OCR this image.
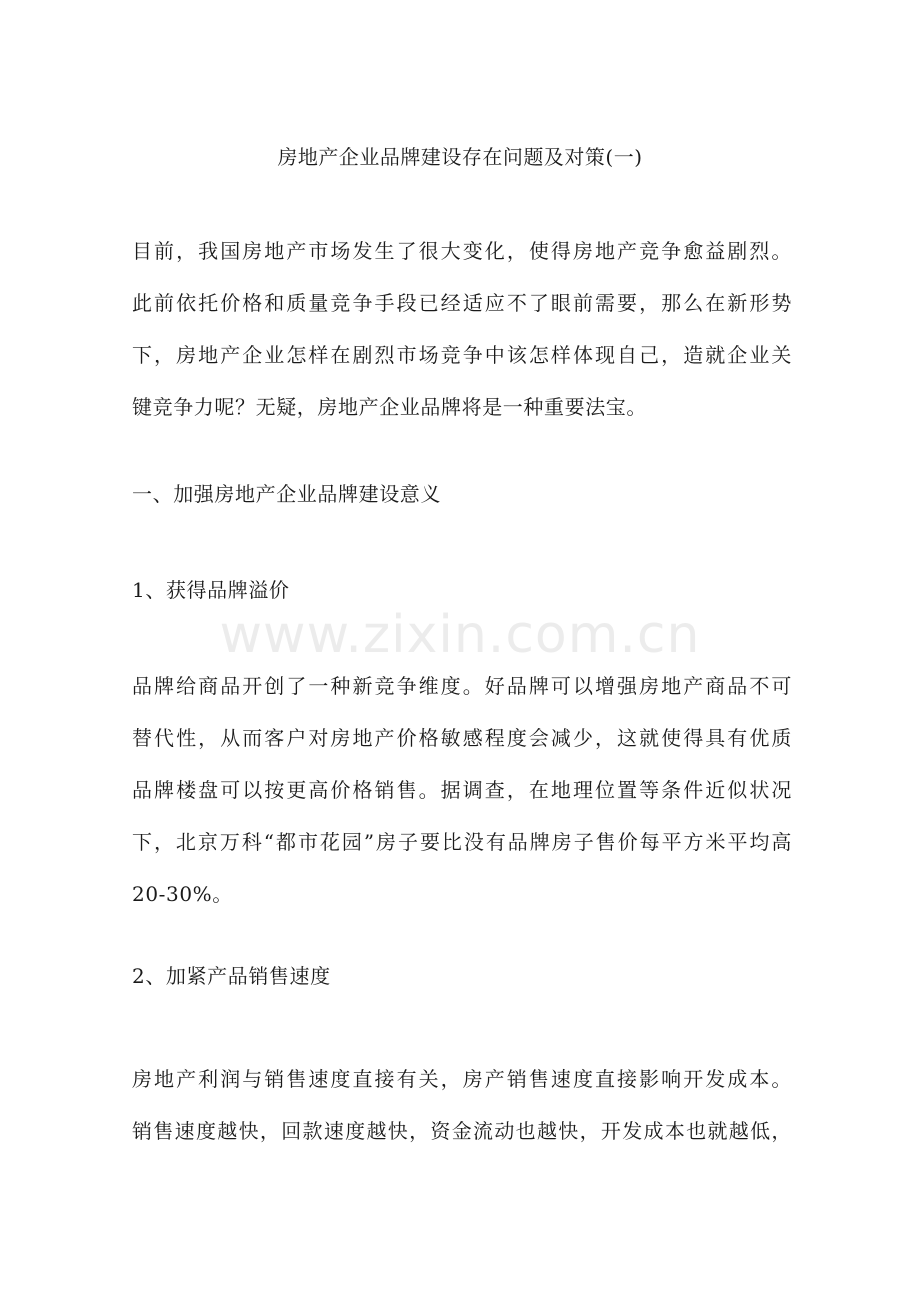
www.zixin.com.cn
房地产企业品牌建设存在问题及对策(一)
目前，我国房地产市场发生了很大变化，使得房地产竞争愈益剧烈。
此前依托价格和质量竞争手段已经适应不了眼前需要，那么在新形势
下，房地产企业怎样在剧烈市场竞争中该怎样体现自己，造就企业关
键竞争力呢？无疑，房地产企业品牌将是一种重要法宝。
一、加强房地产企业品牌建设意义
1、获得品牌溢价
品牌给商品开创了一种新竞争维度。好品牌可以增强房地产商品不可
替代性，从而客户对房地产价格敏感程度会减少，这就使得具有优质
品牌楼盘可以按更高价格销售。据调查，在地理位置等条件近似状况
下，北京万科“都市花园”房子要比没有品牌房子售价每平方米平均高
20-30%。
2、加紧产品销售速度
房地产利润与销售速度直接有关，房产销售速度直接影响开发成本。
销售速度越快，回款速度越快，资金流动也越快，开发成本也就越低，
